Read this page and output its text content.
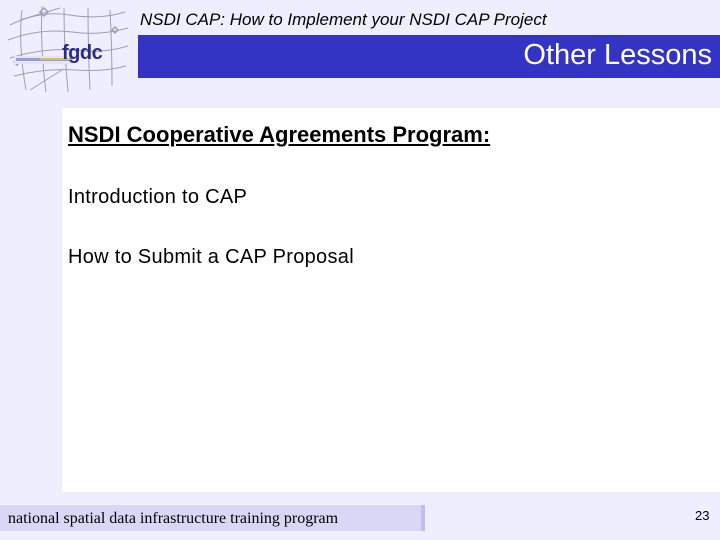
fgdc
NSDI CAP: How to Implement your NSDI CAP Project
Other Lessons
NSDI Cooperative Agreements Program:
Introduction to CAP
How to Submit a CAP Proposal
national spatial data infrastructure training program	23
